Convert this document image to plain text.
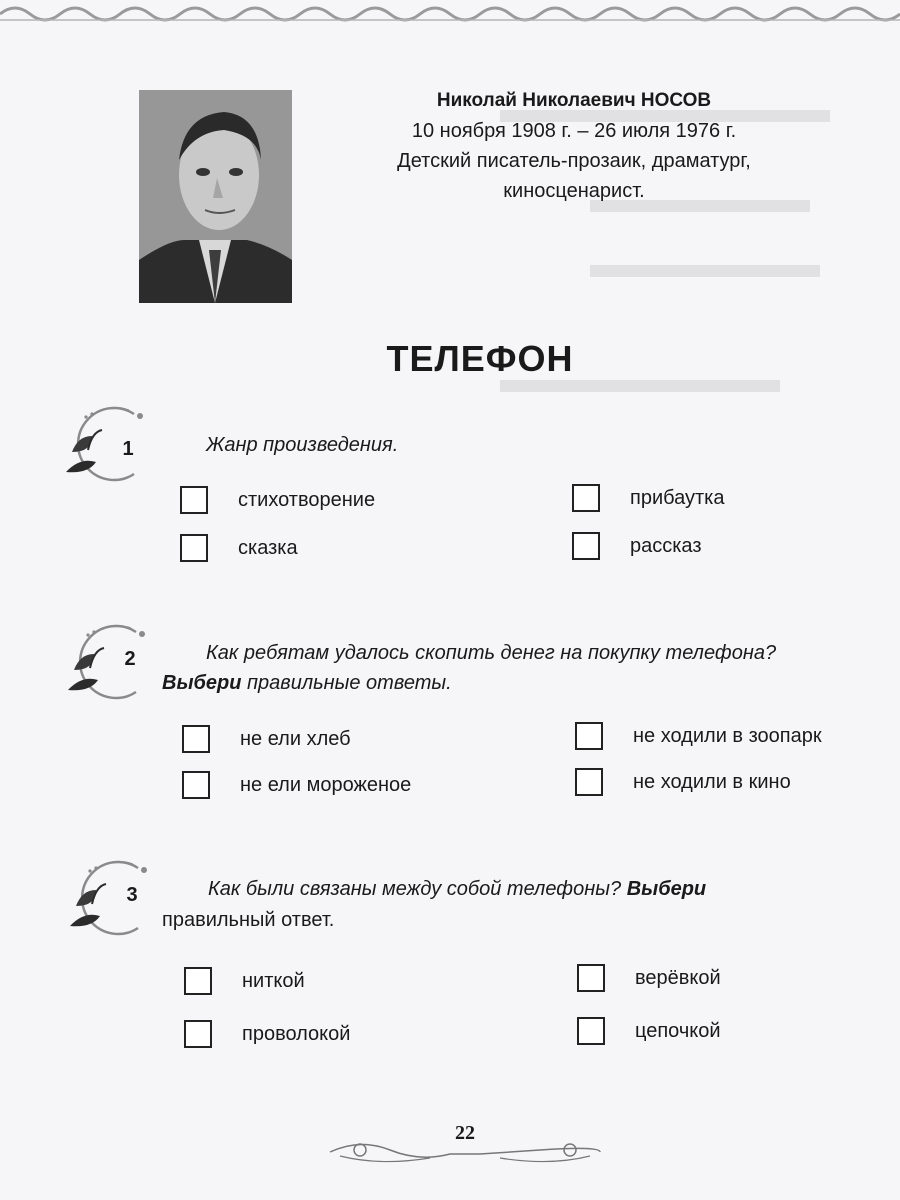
Николай Николаевич НОСОВ
10 ноября 1908 г. – 26 июля 1976 г.
Детский писатель-прозаик, драматург,
киносценарист.
ТЕЛЕФОН
1	Жанр произведения.
стихотворение	прибаутка
сказка	рассказ
2	Как ребятам удалось скопить денег на покупку телефона?
Выбери правильные ответы.
не ели хлеб	не ходили в зоопарк
не ели мороженое	не ходили в кино
3	Как были связаны между собой телефоны? Выбери
правильный ответ.
ниткой	верёвкой
проволокой	цепочкой
22
